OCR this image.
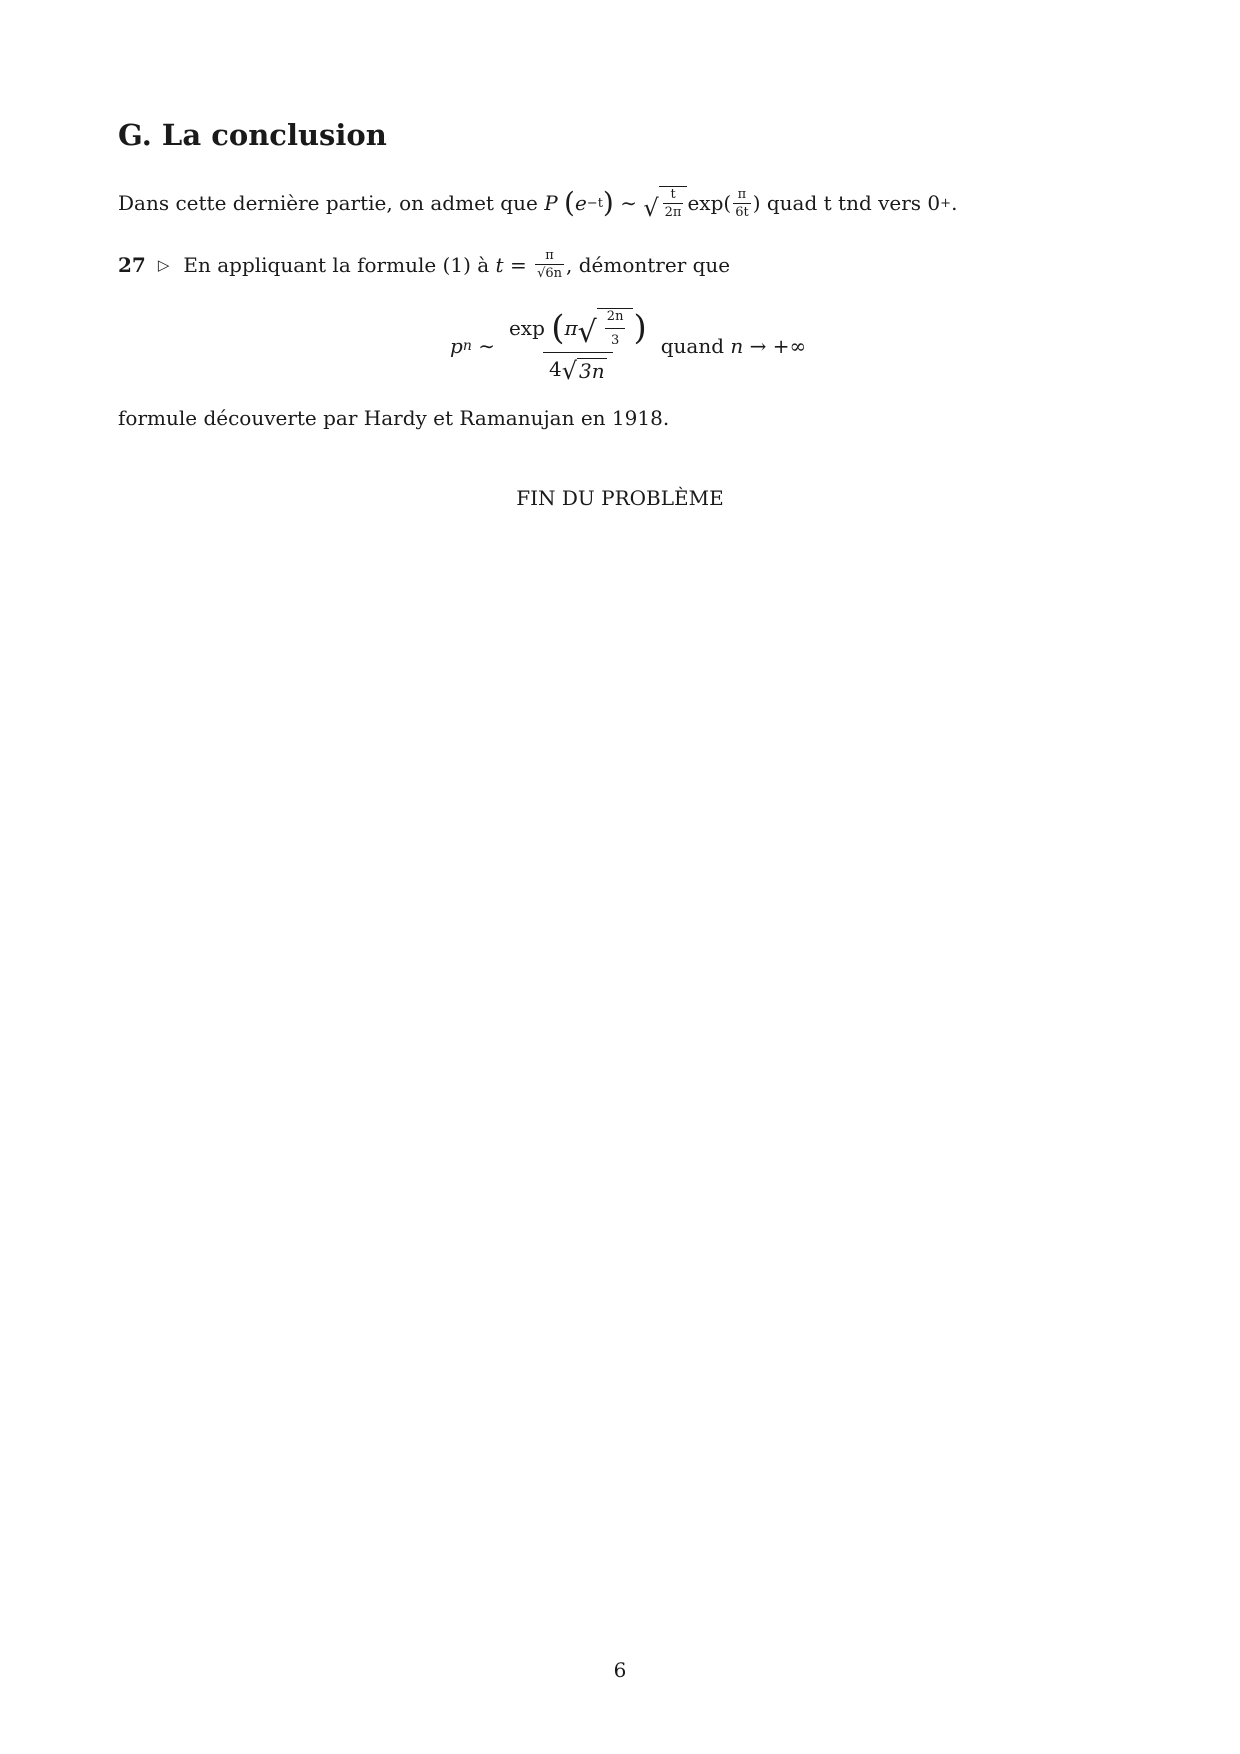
G. La conclusion
Dans cette dernière partie, on admet que
P
( e −t )
∼
√ $\frac{t}{2\pi} \exp( \frac{\pi}{6t}$ )
quad t tnd vers 0 + .
27 ▷ En appliquant la formule (1) à
t
=
$\frac{\pi}{√6n}$ , démontrer que
p n
∼
exp
( π √ $\frac{2n}{3}$ )
4 √ 3n
quand
n
→ +∞
formule découverte par Hardy et Ramanujan en 1918.
FIN DU PROBLÈME
6
